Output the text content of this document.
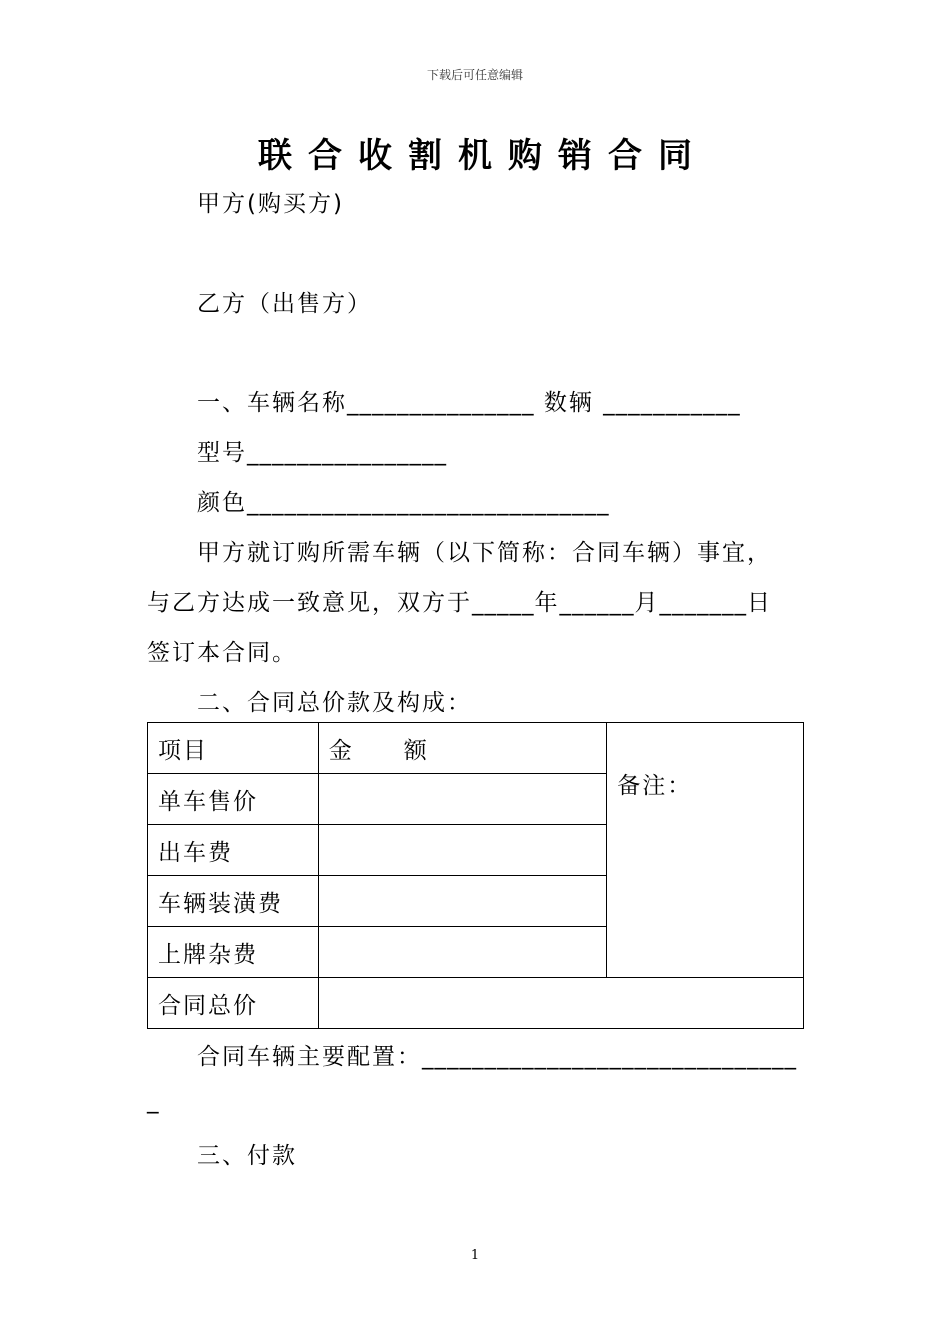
下载后可任意编辑
联合收割机购销合同
甲方(购买方)
乙方（出售方）
一、车辆名称_______________ 数辆 ___________
型号________________
颜色_____________________________
甲方就订购所需车辆（以下简称：合同车辆）事宜，
与乙方达成一致意见，双方于_____年______月_______日
签订本合同。
二、合同总价款及构成：
项目	金　　额	备注：
单车售价		
出车费		
车辆装潢费		
上牌杂费		
合同总价		
合同车辆主要配置：______________________________
_
三、付款
1
